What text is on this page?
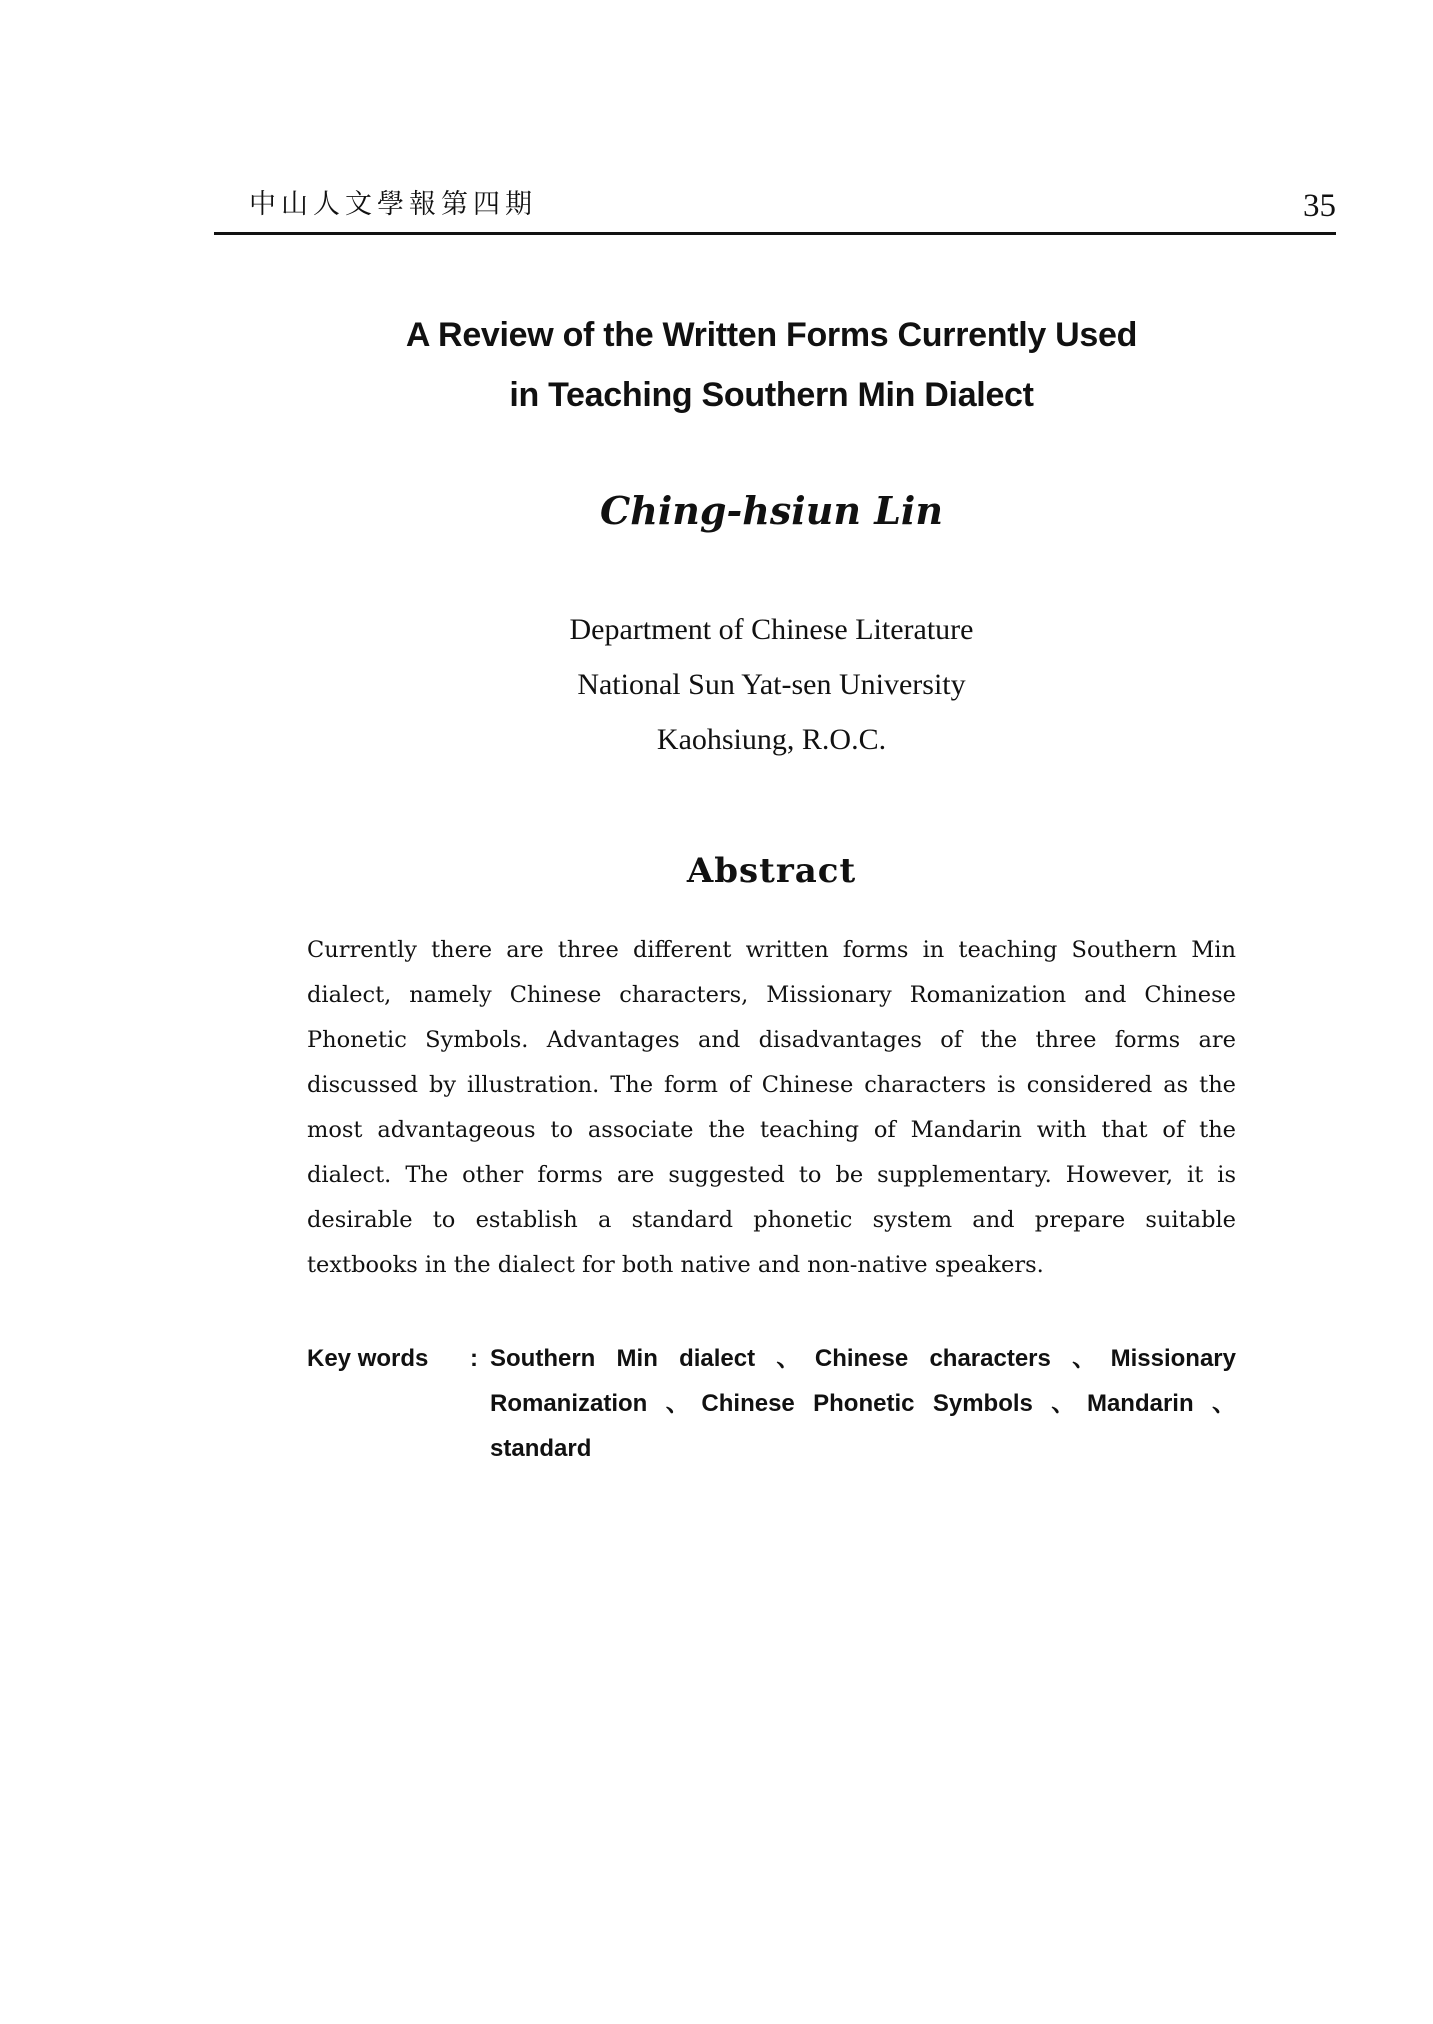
中山人文學報第四期	35
A Review of the Written Forms Currently Used
in Teaching Southern Min Dialect
Ching-hsiun Lin
Department of Chinese Literature
National Sun Yat-sen University
Kaohsiung, R.O.C.
Abstract

Currently there are three different written forms in teaching Southern Min dialect, namely Chinese characters, Missionary Romanization and Chinese Phonetic Symbols. Advantages and disadvantages of the three forms are discussed by illustration. The form of Chinese characters is considered as the most advantageous to associate the teaching of Mandarin with that of the dialect. The other forms are suggested to be supplementary. However, it is desirable to establish a standard phonetic system and prepare suitable textbooks in the dialect for both native and non-native speakers.

Key words : Southern Min dialect 、Chinese characters 、Missionary Romanization 、Chinese Phonetic Symbols 、Mandarin 、standard
